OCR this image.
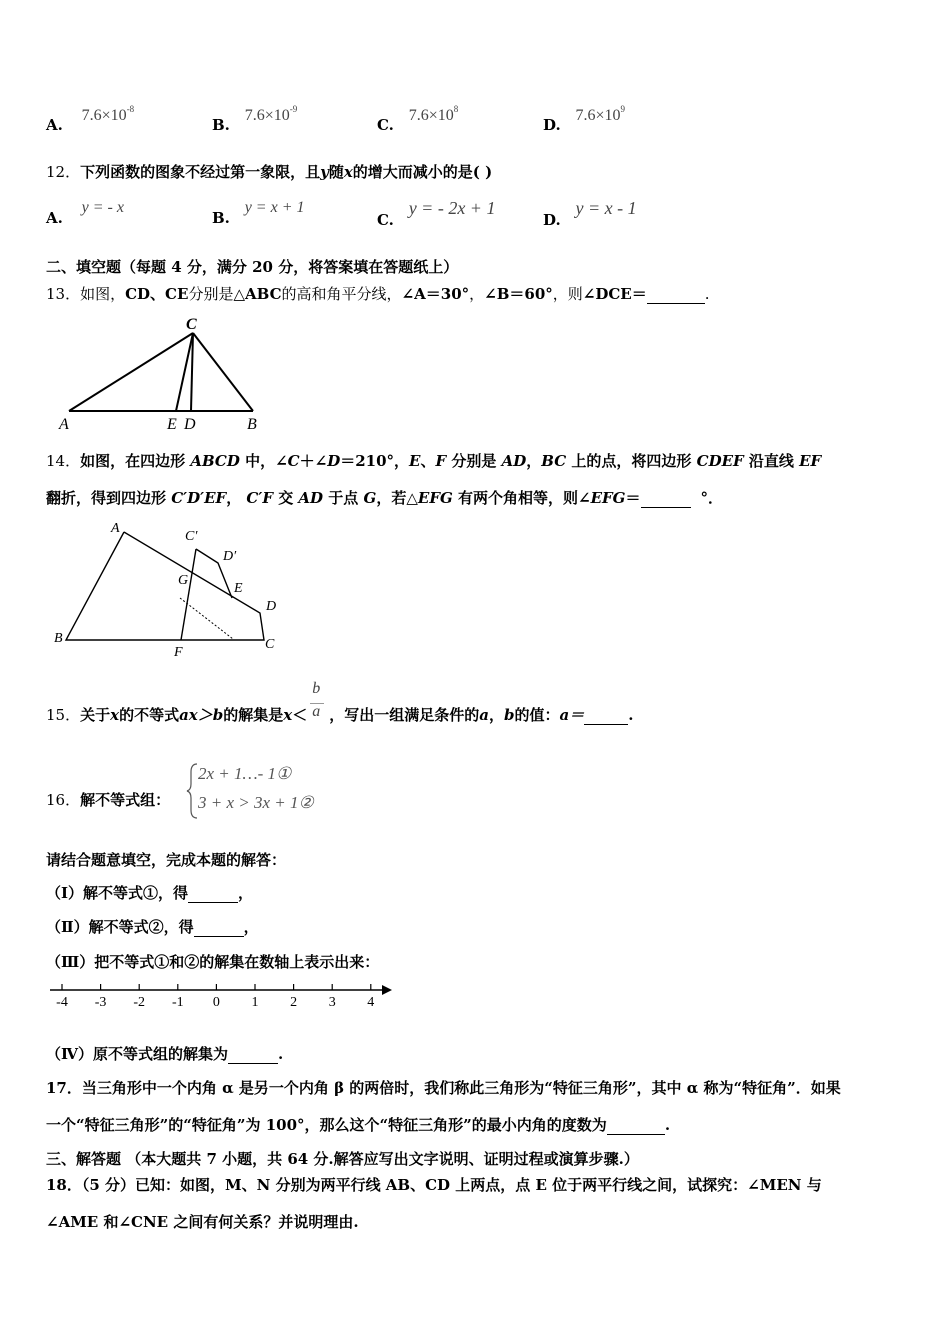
A. $7.6\times 10^{-8}$
B. $7.6\times 10^{-9}$
C. $7.6\times 10^8$
D. $7.6\times 10^9$
12．下列函数的图象不经过第一象限，且y随x的增大而减小的是( )
A. y = - x
B. y = x + 1
C. y = - 2x + 1
D. y = x - 1
二、填空题（每题 4 分，满分 20 分，将答案填在答题纸上）
13．如图，CD、CE分别是△ABC的高和角平分线，∠A＝30°，∠B＝60°，则∠DCE＝	.
C
A	E D	B
14．如图，在四边形 ABCD 中，∠C＋∠D＝210°，E、F 分别是 AD，BC 上的点，将四边形 CDEF 沿直线 EF
翻折，得到四边形 C′D′EF， C′F 交 AD 于点 G，若△EFG 有两个角相等，则∠EFG＝	°．
A
B	C
D
E
F
G
C′
D′
15．关于x的不等式ax＞b的解集是$x< \frac{b}{a}$ ，写出一组满足条件的a，b的值：a＝	.
16．解不等式组：
2x + 1…- 1①
3 + x > 3x + 1②
请结合题意填空，完成本题的解答：
（Ⅰ）解不等式①，得	，
（Ⅱ）解不等式②，得	，
（Ⅲ）把不等式①和②的解集在数轴上表示出来：
-4 -3 -2 -1 0 1 2 3 4
（Ⅳ）原不等式组的解集为	.
17．当三角形中一个内角 α 是另一个内角 β 的两倍时，我们称此三角形为“特征三角形”，其中 α 称为“特征角”．如果
一个“特征三角形”的“特征角”为 100°，那么这个“特征三角形”的最小内角的度数为	.
三、解答题 （本大题共 7 小题，共 64 分.解答应写出文字说明、证明过程或演算步骤.）
18．（5 分）已知：如图，M、N 分别为两平行线 AB、CD 上两点，点 E 位于两平行线之间，试探究：∠MEN 与
∠AME 和∠CNE 之间有何关系？并说明理由.
